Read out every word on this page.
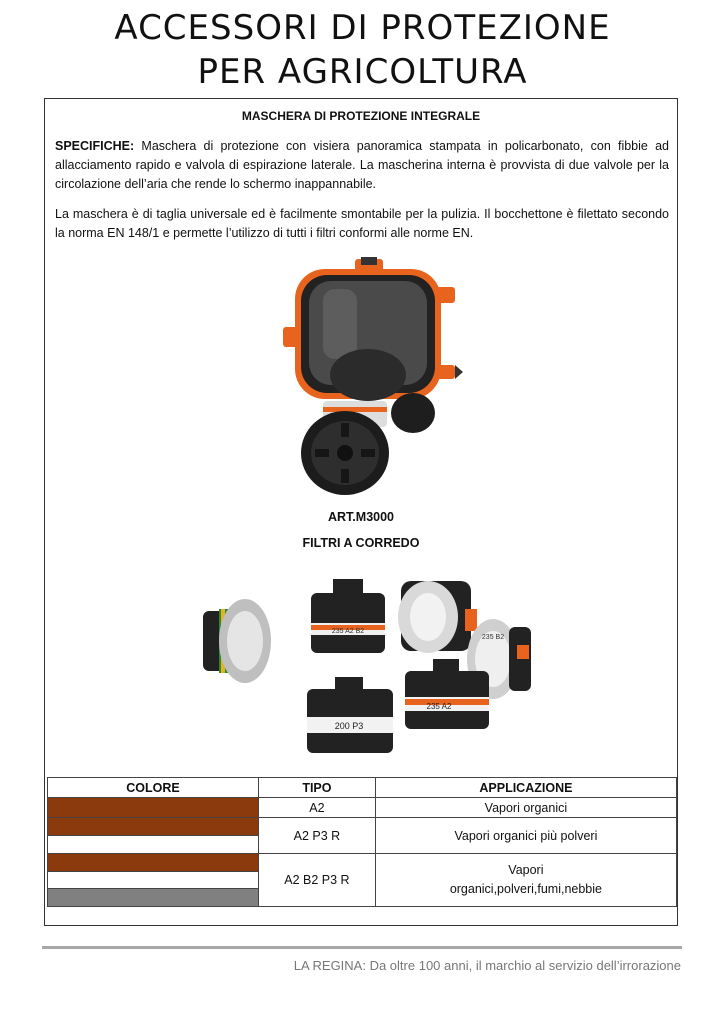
ACCESSORI DI PROTEZIONE
PER AGRICOLTURA
MASCHERA DI PROTEZIONE INTEGRALE
SPECIFICHE: Maschera di protezione con visiera panoramica stampata in policarbonato, con fibbie ad allacciamento rapido e valvola di espirazione laterale. La mascherina interna è provvista di due valvole per la circolazione dell’aria che rende lo schermo inappannabile.
La maschera è di taglia universale ed è facilmente smontabile per la pulizia. Il bocchettone è filettato secondo la norma EN 148/1 e permette l’utilizzo di tutti i filtri conformi alle norme EN.
ART.M3000
FILTRI A CORREDO
235 A2 B2
235 B2
200 P3
235 A2
COLORE	TIPO	APPLICAZIONE

	A2	Vapori organici

	A2 P3 R	Vapori organici più polveri

	A2 B2 P3 R	Vapori organici,polveri,fumi,nebbie
LA REGINA: Da oltre 100 anni, il marchio al servizio dell’irrorazione
